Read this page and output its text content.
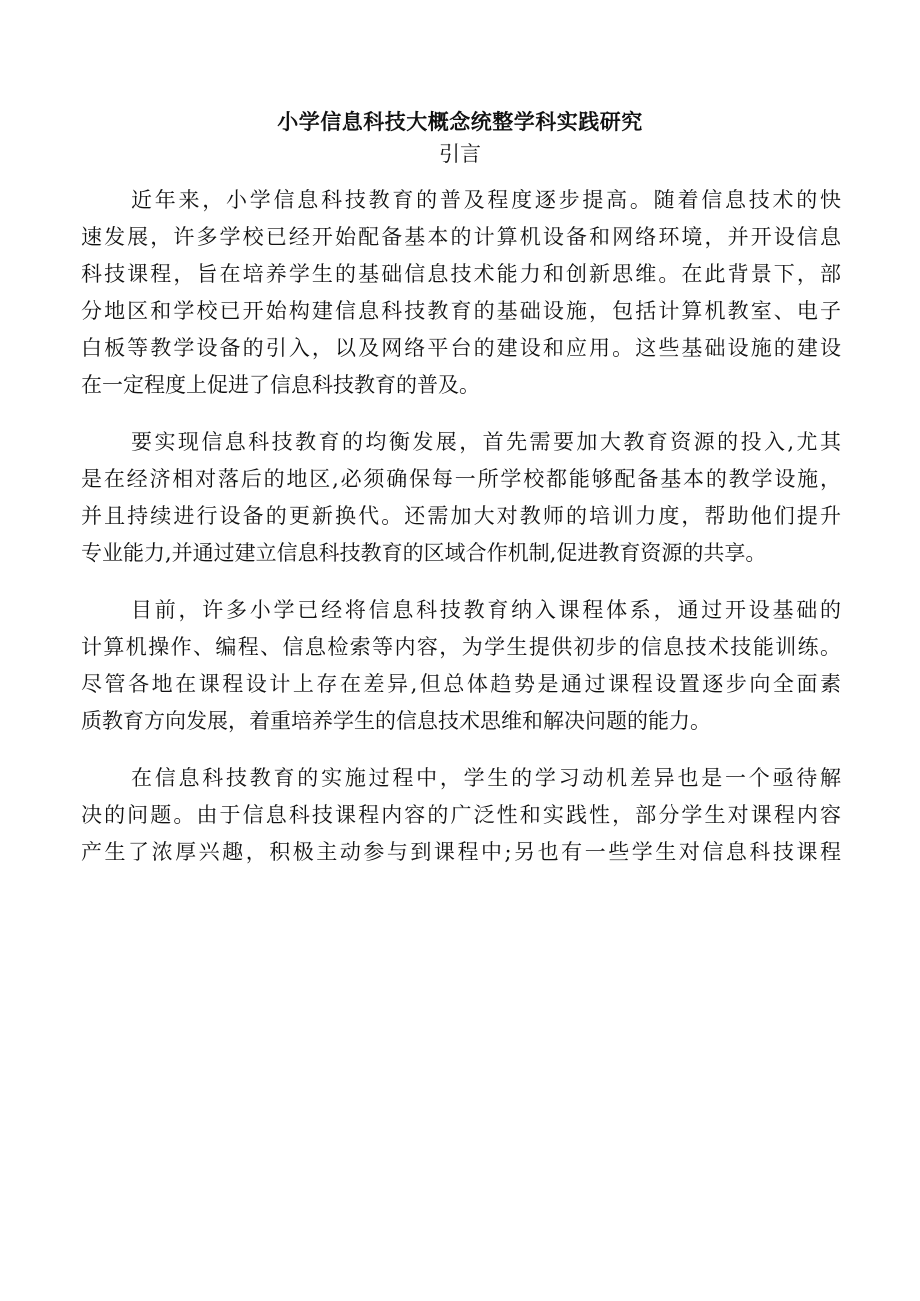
小学信息科技大概念统整学科实践研究
引言

近年来，小学信息科技教育的普及程度逐步提高。随着信息技术的快
速发展，许多学校已经开始配备基本的计算机设备和网络环境，并开设信息
科技课程，旨在培养学生的基础信息技术能力和创新思维。在此背景下，部
分地区和学校已开始构建信息科技教育的基础设施，包括计算机教室、电子
白板等教学设备的引入，以及网络平台的建设和应用。这些基础设施的建设
在一定程度上促进了信息科技教育的普及。

要实现信息科技教育的均衡发展，首先需要加大教育资源的投入,尤其
是在经济相对落后的地区,必须确保每一所学校都能够配备基本的教学设施，
并且持续进行设备的更新换代。还需加大对教师的培训力度，帮助他们提升
专业能力,并通过建立信息科技教育的区域合作机制,促进教育资源的共享。

目前，许多小学已经将信息科技教育纳入课程体系，通过开设基础的
计算机操作、编程、信息检索等内容，为学生提供初步的信息技术技能训练。
尽管各地在课程设计上存在差异,但总体趋势是通过课程设置逐步向全面素
质教育方向发展，着重培养学生的信息技术思维和解决问题的能力。

在信息科技教育的实施过程中，学生的学习动机差异也是一个亟待解
决的问题。由于信息科技课程内容的广泛性和实践性，部分学生对课程内容
产生了浓厚兴趣，积极主动参与到课程中;另也有一些学生对信息科技课程
